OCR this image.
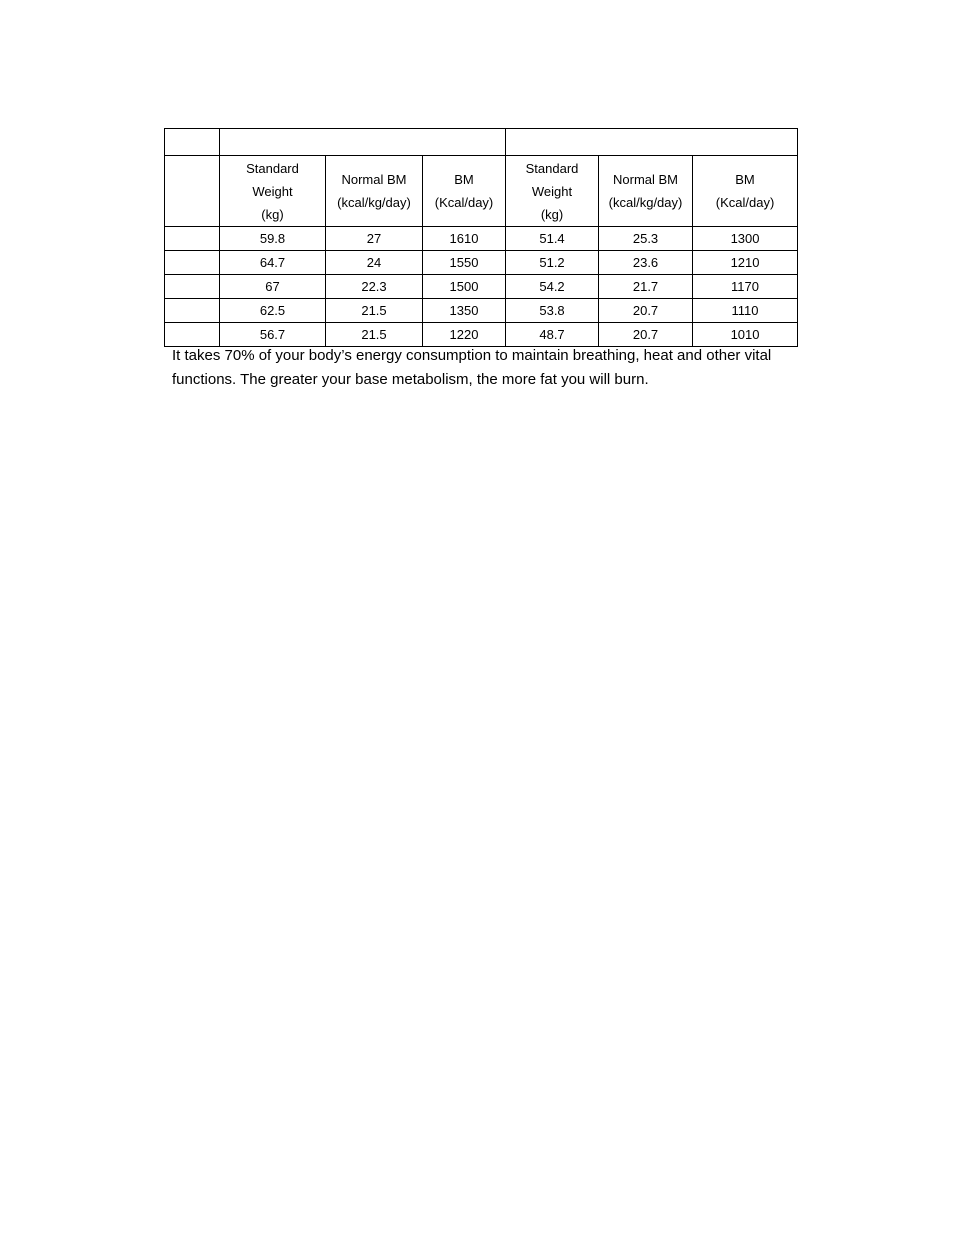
	Standard
Weight
(kg)	Normal BM
(kcal/kg/day)	BM
(Kcal/day)	Standard
Weight
(kg)	Normal BM
(kcal/kg/day)	BM
(Kcal/day)

	59.8	27	1610	51.4	25.3	1300
	64.7	24	1550	51.2	23.6	1210
	67	22.3	1500	54.2	21.7	1170
	62.5	21.5	1350	53.8	20.7	1110
	56.7	21.5	1220	48.7	20.7	1010

It takes 70% of your body’s energy consumption to maintain breathing, heat and other vital functions. The greater your base metabolism, the more fat you will burn.
